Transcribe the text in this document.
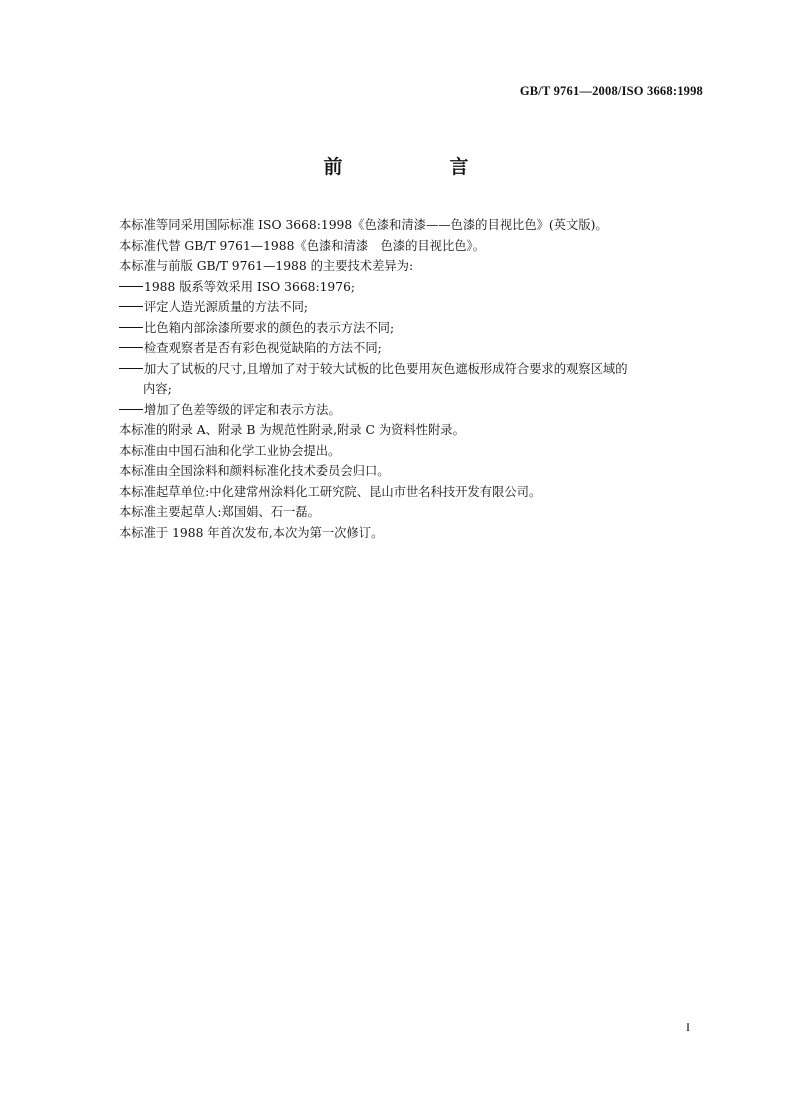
GB/T 9761—2008/ISO 3668:1998
前　言

本标准等同采用国际标准 ISO 3668:1998《色漆和清漆——色漆的目视比色》(英文版)。

本标准代替 GB/T 9761—1988《色漆和清漆　色漆的目视比色》。

本标准与前版 GB/T 9761—1988 的主要技术差异为:

1988 版系等效采用 ISO 3668:1976;

评定人造光源质量的方法不同;

比色箱内部涂漆所要求的颜色的表示方法不同;

检查观察者是否有彩色视觉缺陷的方法不同;

加大了试板的尺寸,且增加了对于较大试板的比色要用灰色遮板形成符合要求的观察区域的

内容;

增加了色差等级的评定和表示方法。

本标准的附录 A、附录 B 为规范性附录,附录 C 为资料性附录。

本标准由中国石油和化学工业协会提出。

本标准由全国涂料和颜料标准化技术委员会归口。

本标准起草单位:中化建常州涂料化工研究院、昆山市世名科技开发有限公司。

本标准主要起草人:郑国娟、石一磊。

本标准于 1988 年首次发布,本次为第一次修订。

I
